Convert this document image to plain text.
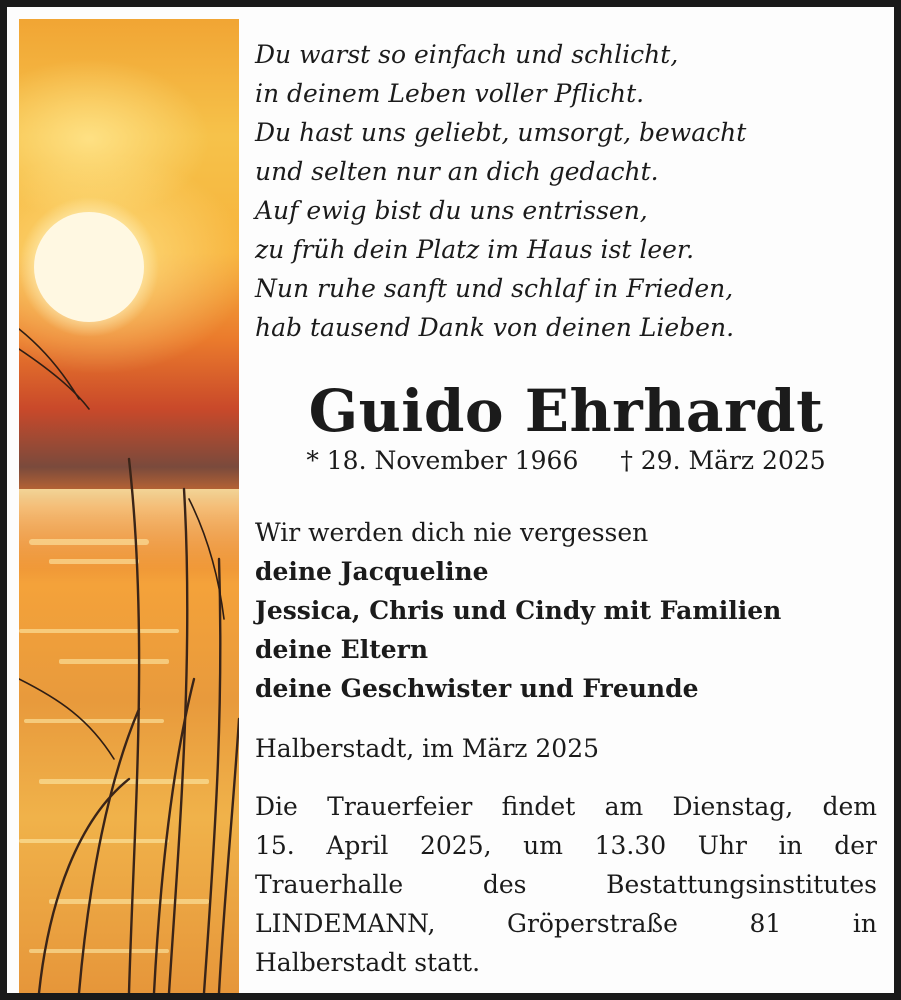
Du warst so einfach und schlicht,
in deinem Leben voller Pflicht.
Du hast uns geliebt, umsorgt, bewacht
und selten nur an dich gedacht.
Auf ewig bist du uns entrissen,
zu früh dein Platz im Haus ist leer.
Nun ruhe sanft und schlaf in Frieden,
hab tausend Dank von deinen Lieben.
Guido Ehrhardt
* 18. November 1966 † 29. März 2025
Wir werden dich nie vergessen
deine Jacqueline
Jessica, Chris und Cindy mit Familien
deine Eltern
deine Geschwister und Freunde
Halberstadt, im März 2025
Die Trauerfeier findet am Dienstag, dem
15. April 2025, um 13.30 Uhr in der
Trauerhalle des Bestattungsinstitutes
LINDEMANN, Gröperstraße 81 in
Halberstadt statt.
